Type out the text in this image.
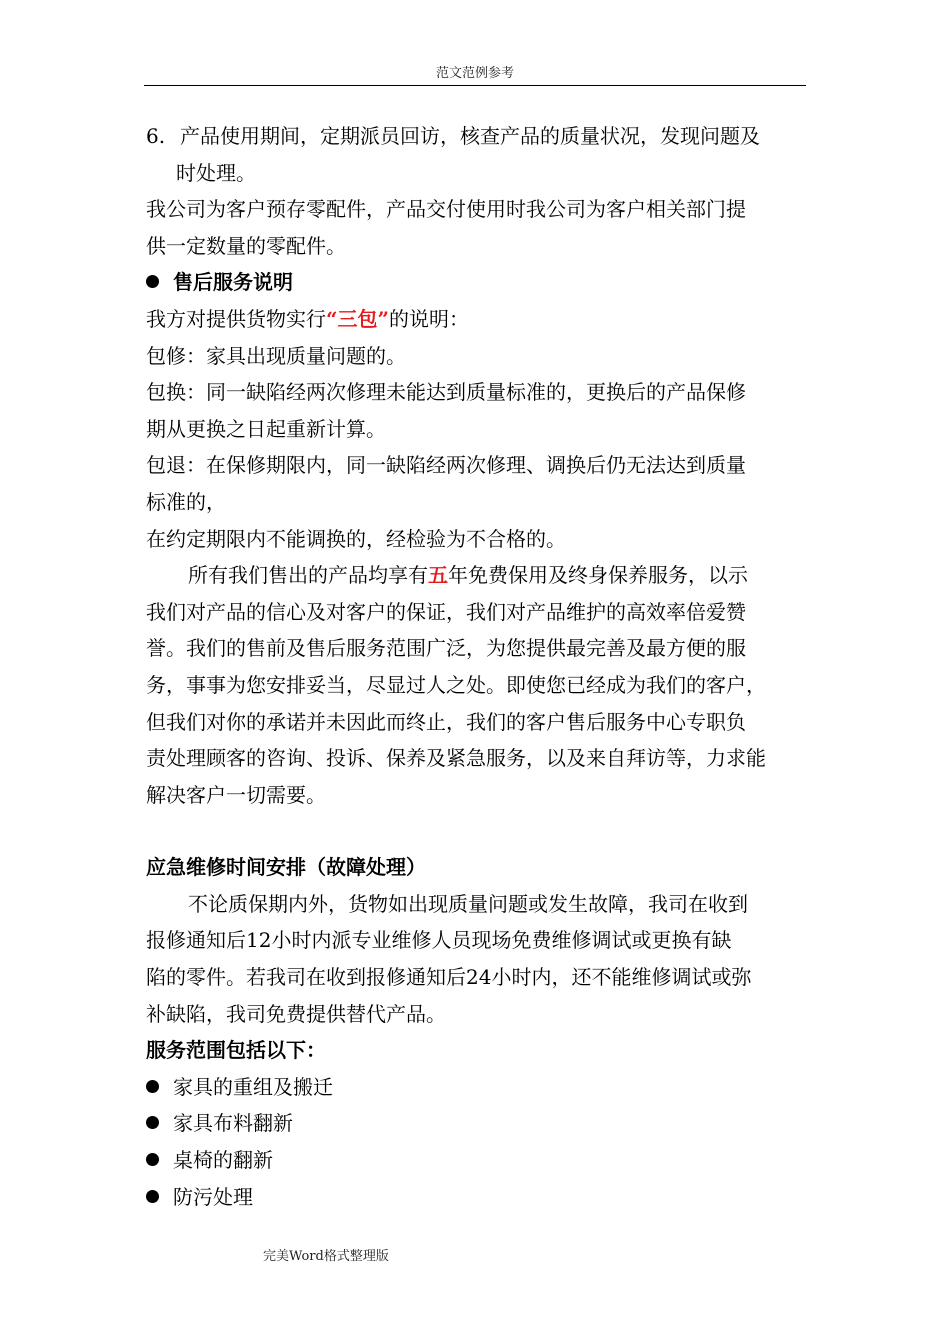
范文范例参考
6. 产品使用期间，定期派员回访，核查产品的质量状况，发现问题及
时处理。
我公司为客户预存零配件，产品交付使用时我公司为客户相关部门提
供一定数量的零配件。
售后服务说明
我方对提供货物实行“三包”的说明：
包修：家具出现质量问题的。
包换：同一缺陷经两次修理未能达到质量标准的，更换后的产品保修
期从更换之日起重新计算。
包退：在保修期限内，同一缺陷经两次修理、调换后仍无法达到质量
标准的，
在约定期限内不能调换的，经检验为不合格的。
所有我们售出的产品均享有五年免费保用及终身保养服务，以示
我们对产品的信心及对客户的保证，我们对产品维护的高效率倍爱赞
誉。我们的售前及售后服务范围广泛，为您提供最完善及最方便的服
务，事事为您安排妥当，尽显过人之处。即使您已经成为我们的客户，
但我们对你的承诺并未因此而终止，我们的客户售后服务中心专职负
责处理顾客的咨询、投诉、保养及紧急服务，以及来自拜访等，力求能
解决客户一切需要。
应急维修时间安排（故障处理）
不论质保期内外，货物如出现质量问题或发生故障，我司在收到
报修通知后12小时内派专业维修人员现场免费维修调试或更换有缺
陷的零件。若我司在收到报修通知后24小时内，还不能维修调试或弥
补缺陷，我司免费提供替代产品。
服务范围包括以下：
家具的重组及搬迁
家具布料翻新
桌椅的翻新
防污处理
完美Word格式整理版
